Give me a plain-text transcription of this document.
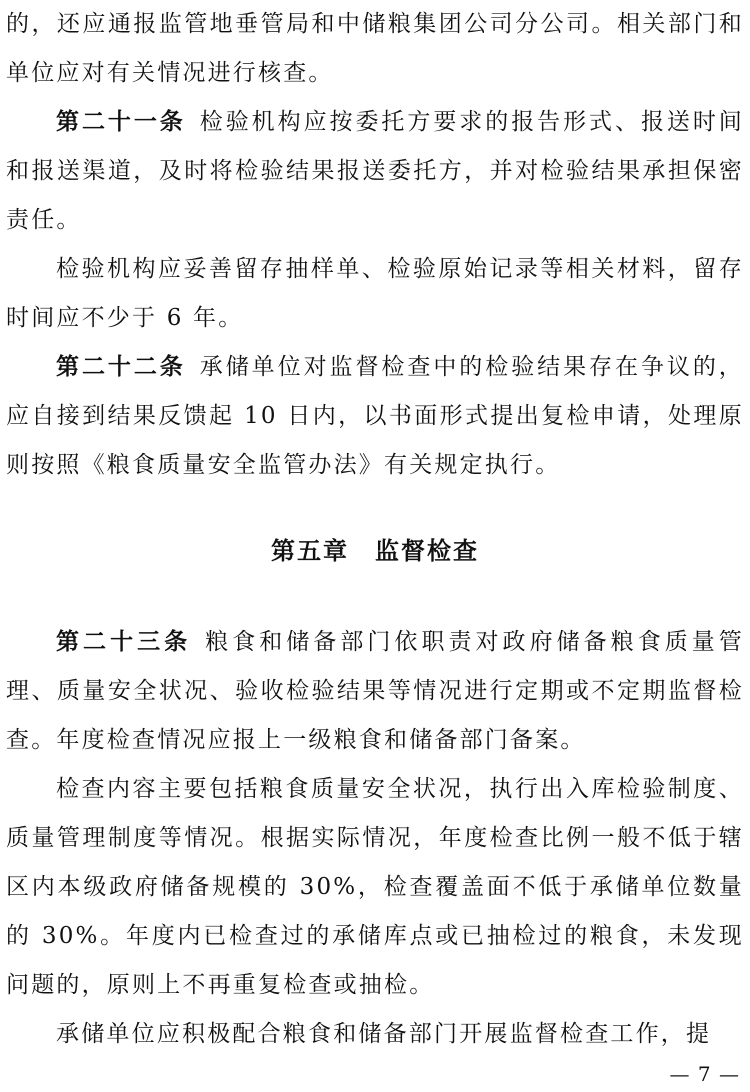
的，还应通报监管地垂管局和中储粮集团公司分公司。相关部门和单位应对有关情况进行核查。

第二十一条 检验机构应按委托方要求的报告形式、报送时间和报送渠道，及时将检验结果报送委托方，并对检验结果承担保密责任。

检验机构应妥善留存抽样单、检验原始记录等相关材料，留存时间应不少于 6 年。

第二十二条 承储单位对监督检查中的检验结果存在争议的，应自接到结果反馈起 10 日内，以书面形式提出复检申请，处理原则按照《粮食质量安全监管办法》有关规定执行。

第五章　监督检查

第二十三条 粮食和储备部门依职责对政府储备粮食质量管理、质量安全状况、验收检验结果等情况进行定期或不定期监督检查。年度检查情况应报上一级粮食和储备部门备案。

检查内容主要包括粮食质量安全状况，执行出入库检验制度、质量管理制度等情况。根据实际情况，年度检查比例一般不低于辖区内本级政府储备规模的 30%，检查覆盖面不低于承储单位数量的 30%。年度内已检查过的承储库点或已抽检过的粮食，未发现问题的，原则上不再重复检查或抽检。

承储单位应积极配合粮食和储备部门开展监督检查工作，提

— 7 —
